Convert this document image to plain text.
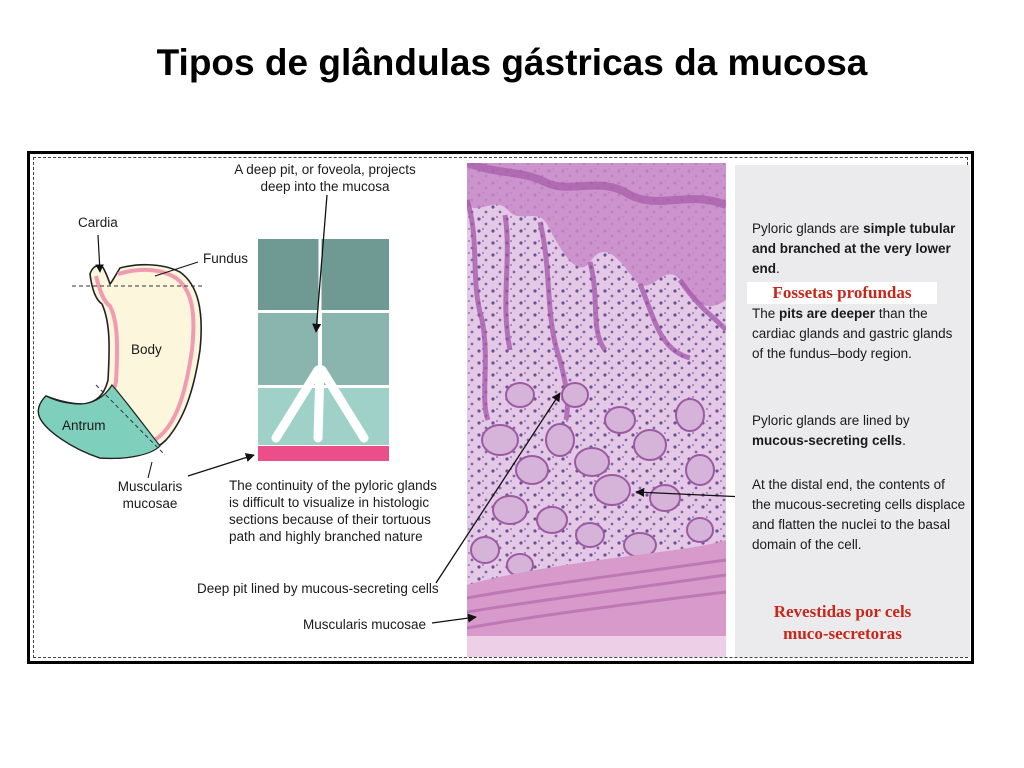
Tipos de glândulas gástricas da mucosa
Cardia
Fundus
Body
Antrum
Muscularis
mucosae
A deep pit, or foveola, projects
deep into the mucosa
The continuity of the pyloric glands
is difficult to visualize in histologic
sections because of their tortuous
path and highly branched nature
Deep pit lined by mucous-secreting cells
Muscularis mucosae

Pyloric glands are simple tubular and branched at the very lower end.

The pits are deeper than the cardiac glands and gastric glands of the fundus–body region.

Pyloric glands are lined by mucous-secreting cells.

At the distal end, the contents of the mucous-secreting cells displace and flatten the nuclei to the basal domain of the cell.

Fossetas profundas
Revestidas por cels
muco-secretoras
